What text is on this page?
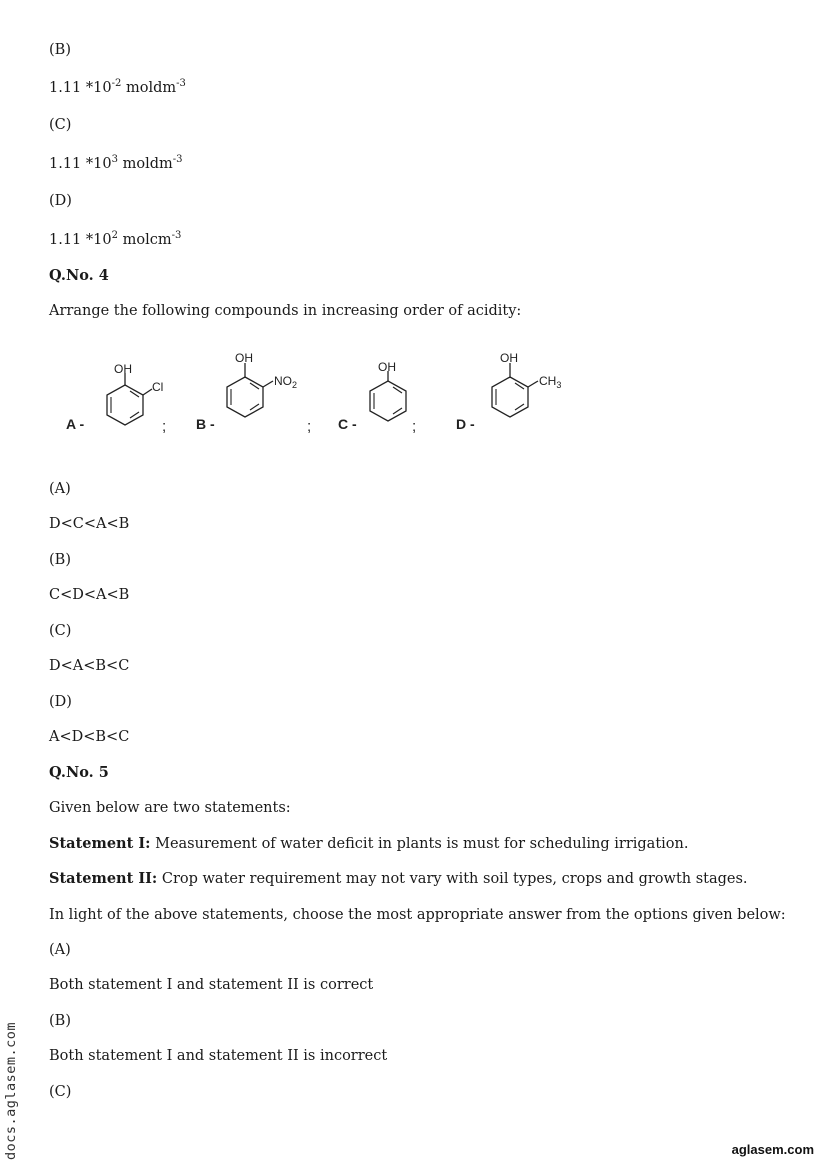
(B)
1.11 $*10^{-2}$ moldm$^{-3}$
(C)
1.11 $*10^3$ moldm$^{-3}$
(D)
1.11 $*10^2$ molcm$^{-3}$
Q.No. 4
Arrange the following compounds in increasing order of acidity:
A -
OH
Cl
; B -
OH
$NO_2$
; C -
OH
;	D -
OH
$CH_3$
(A)
D<C<A<B
(B)
C<D<A<B
(C)
D<A<B<C
(D)
A<D<B<C
Q.No. 5
Given below are two statements:
Statement I: Measurement of water deficit in plants is must for scheduling irrigation.
Statement II: Crop water requirement may not vary with soil types, crops and growth stages.
In light of the above statements, choose the most appropriate answer from the options given below:
(A)
Both statement I and statement II is correct
(B)
Both statement I and statement II is incorrect
(C)
docs.aglasem.com	aglasem.com
